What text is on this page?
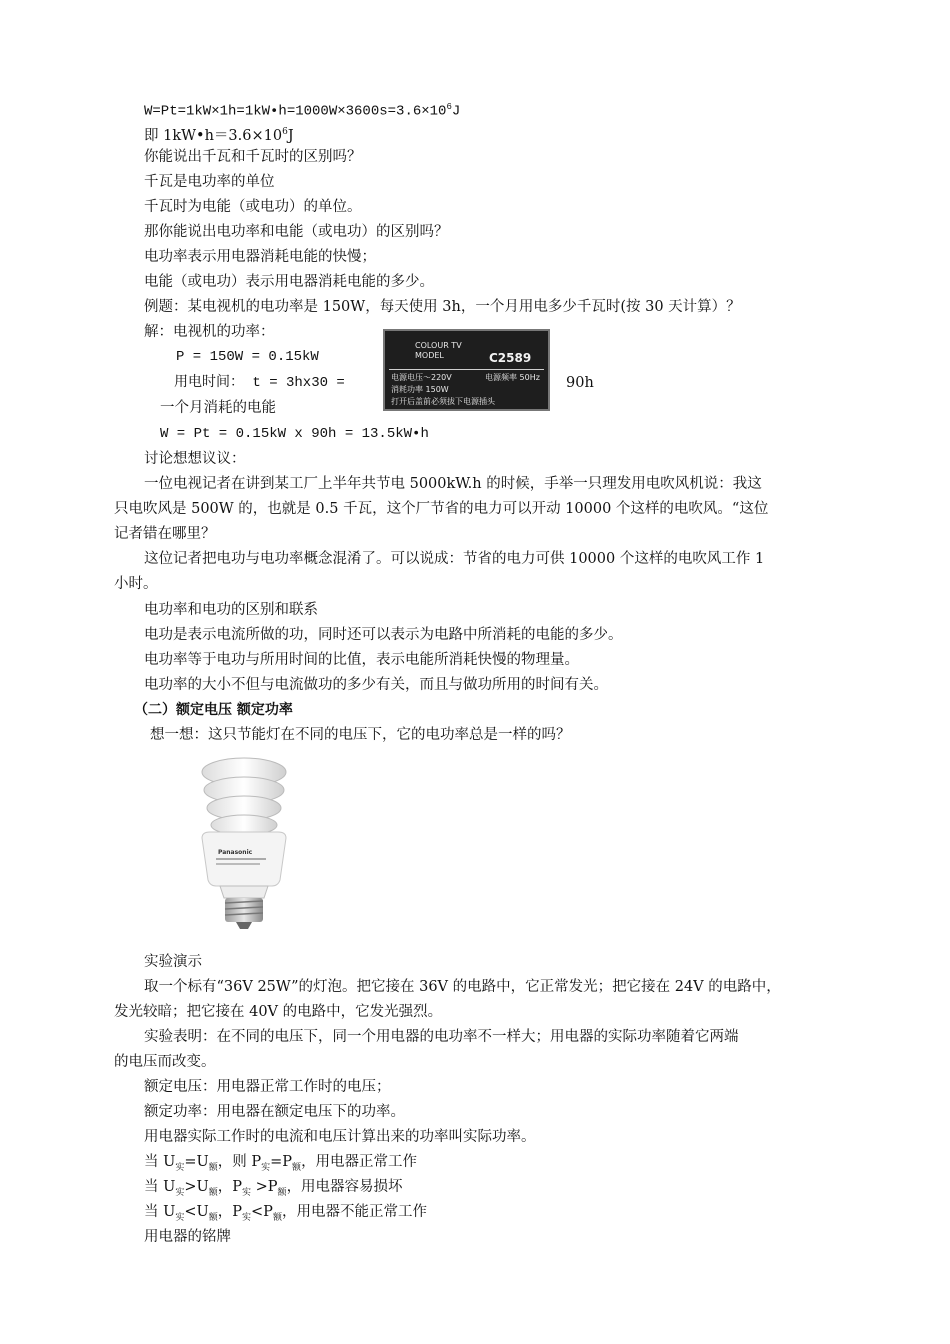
$W=Pt=1kW\times 1h=1kW•h=1000W\times 3600s=3.6\times 10^6J$
即 $1kW•h=3.6\times 10^6J$
你能说出千瓦和千瓦时的区别吗？
千瓦是电功率的单位
千瓦时为电能（或电功）的单位。
那你能说出电功率和电能（或电功）的区别吗？
电功率表示用电器消耗电能的快慢；
电能（或电功）表示用电器消耗电能的多少。
例题：某电视机的电功率是 150W，每天使用 3h，一个月用电多少千瓦时(按 30 天计算）？
解：电视机的功率：
P = 150W = 0.15kW
用电时间： t = 3hx30 =	90h
一个月消耗的电能
W = Pt = 0.15kW x 90h = 13.5kW•h
COLOUR TV
MODEL	C2589
电源电压～220V	电源频率 50Hz
消耗功率 150W
打开后盖前必须拔下电源插头
讨论想想议议：
一位电视记者在讲到某工厂上半年共节电 5000kW.h 的时候，手举一只理发用电吹风机说：我这
只电吹风是 500W 的，也就是 0.5 千瓦，这个厂节省的电力可以开动 10000 个这样的电吹风。“这位
记者错在哪里？
这位记者把电功与电功率概念混淆了。可以说成：节省的电力可供 10000 个这样的电吹风工作 1
小时。
电功率和电功的区别和联系
电功是表示电流所做的功，同时还可以表示为电路中所消耗的电能的多少。
电功率等于电功与所用时间的比值，表示电能所消耗快慢的物理量。
电功率的大小不但与电流做功的多少有关，而且与做功所用的时间有关。
（二）额定电压 额定功率
想一想：这只节能灯在不同的电压下，它的电功率总是一样的吗？
Panasonic
实验演示
取一个标有“36V 25W”的灯泡。把它接在 36V 的电路中，它正常发光；把它接在 24V 的电路中，
发光较暗；把它接在 40V 的电路中，它发光强烈。
实验表明：在不同的电压下，同一个用电器的电功率不一样大；用电器的实际功率随着它两端
的电压而改变。
额定电压：用电器正常工作时的电压；
额定功率：用电器在额定电压下的功率。
用电器实际工作时的电流和电压计算出来的功率叫实际功率。
当 $U_实=U_额$，则 $P_实=P_额$，用电器正常工作
当 $U_实>U_额$，$P_实 >P_额$，用电器容易损坏
当 $U_实<U_额$，$P_实<P_额$，用电器不能正常工作
用电器的铭牌
